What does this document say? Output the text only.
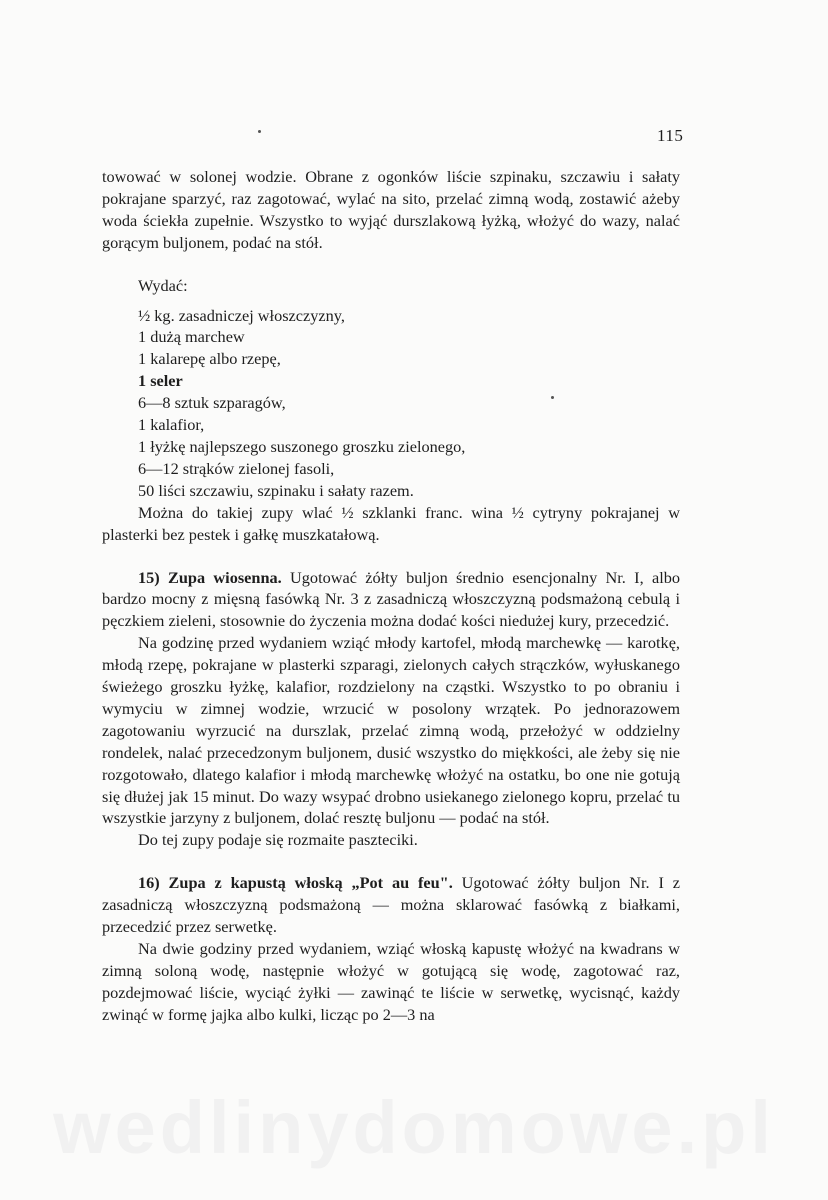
115

towować w solonej wodzie. Obrane z ogonków liście szpinaku, szczawiu i sałaty pokrajane sparzyć, raz zagotować, wylać na sito, przelać zimną wodą, zostawić ażeby woda ściekła zupełnie. Wszystko to wyjąć durszlakową łyżką, włożyć do wazy, nalać gorącym buljonem, podać na stół.

Wydać:

½ kg. zasadniczej włoszczyzny,
1 dużą marchew
1 kalarepę albo rzepę,
1 seler
6—8 sztuk szparagów,
1 kalafior,
1 łyżkę najlepszego suszonego groszku zielonego,
6—12 strąków zielonej fasoli,
50 liści szczawiu, szpinaku i sałaty razem.

Można do takiej zupy wlać ½ szklanki franc. wina ½ cytryny pokrajanej w plasterki bez pestek i gałkę muszkatałową.

15) Zupa wiosenna. Ugotować żółty buljon średnio esencjonalny Nr. I, albo bardzo mocny z mięsną fasówką Nr. 3 z zasadniczą włoszczyzną podsmażoną cebulą i pęczkiem zieleni, stosownie do życzenia można dodać kości niedużej kury, przecedzić.

Na godzinę przed wydaniem wziąć młody kartofel, młodą marchewkę — karotkę, młodą rzepę, pokrajane w plasterki szparagi, zielonych całych strączków, wyłuskanego świeżego groszku łyżkę, kalafior, rozdzielony na cząstki. Wszystko to po obraniu i wymyciu w zimnej wodzie, wrzucić w posolony wrzątek. Po jednorazowem zagotowaniu wyrzucić na durszlak, przelać zimną wodą, przełożyć w oddzielny rondelek, nalać przecedzonym buljonem, dusić wszystko do miękkości, ale żeby się nie rozgotowało, dlatego kalafior i młodą marchewkę włożyć na ostatku, bo one nie gotują się dłużej jak 15 minut. Do wazy wsypać drobno usiekanego zielonego kopru, przelać tu wszystkie jarzyny z buljonem, dolać resztę buljonu — podać na stół.

Do tej zupy podaje się rozmaite paszteciki.

16) Zupa z kapustą włoską „Pot au feu". Ugotować żółty buljon Nr. I z zasadniczą włoszczyzną podsmażoną — można sklarować fasówką z białkami, przecedzić przez serwetkę.

Na dwie godziny przed wydaniem, wziąć włoską kapustę włożyć na kwadrans w zimną soloną wodę, następnie włożyć w gotującą się wodę, zagotować raz, pozdejmować liście, wyciąć żyłki — zawinąć te liście w serwetkę, wycisnąć, każdy zwinąć w formę jajka albo kulki, licząc po 2—3 na

wedlinydomowe.pl
